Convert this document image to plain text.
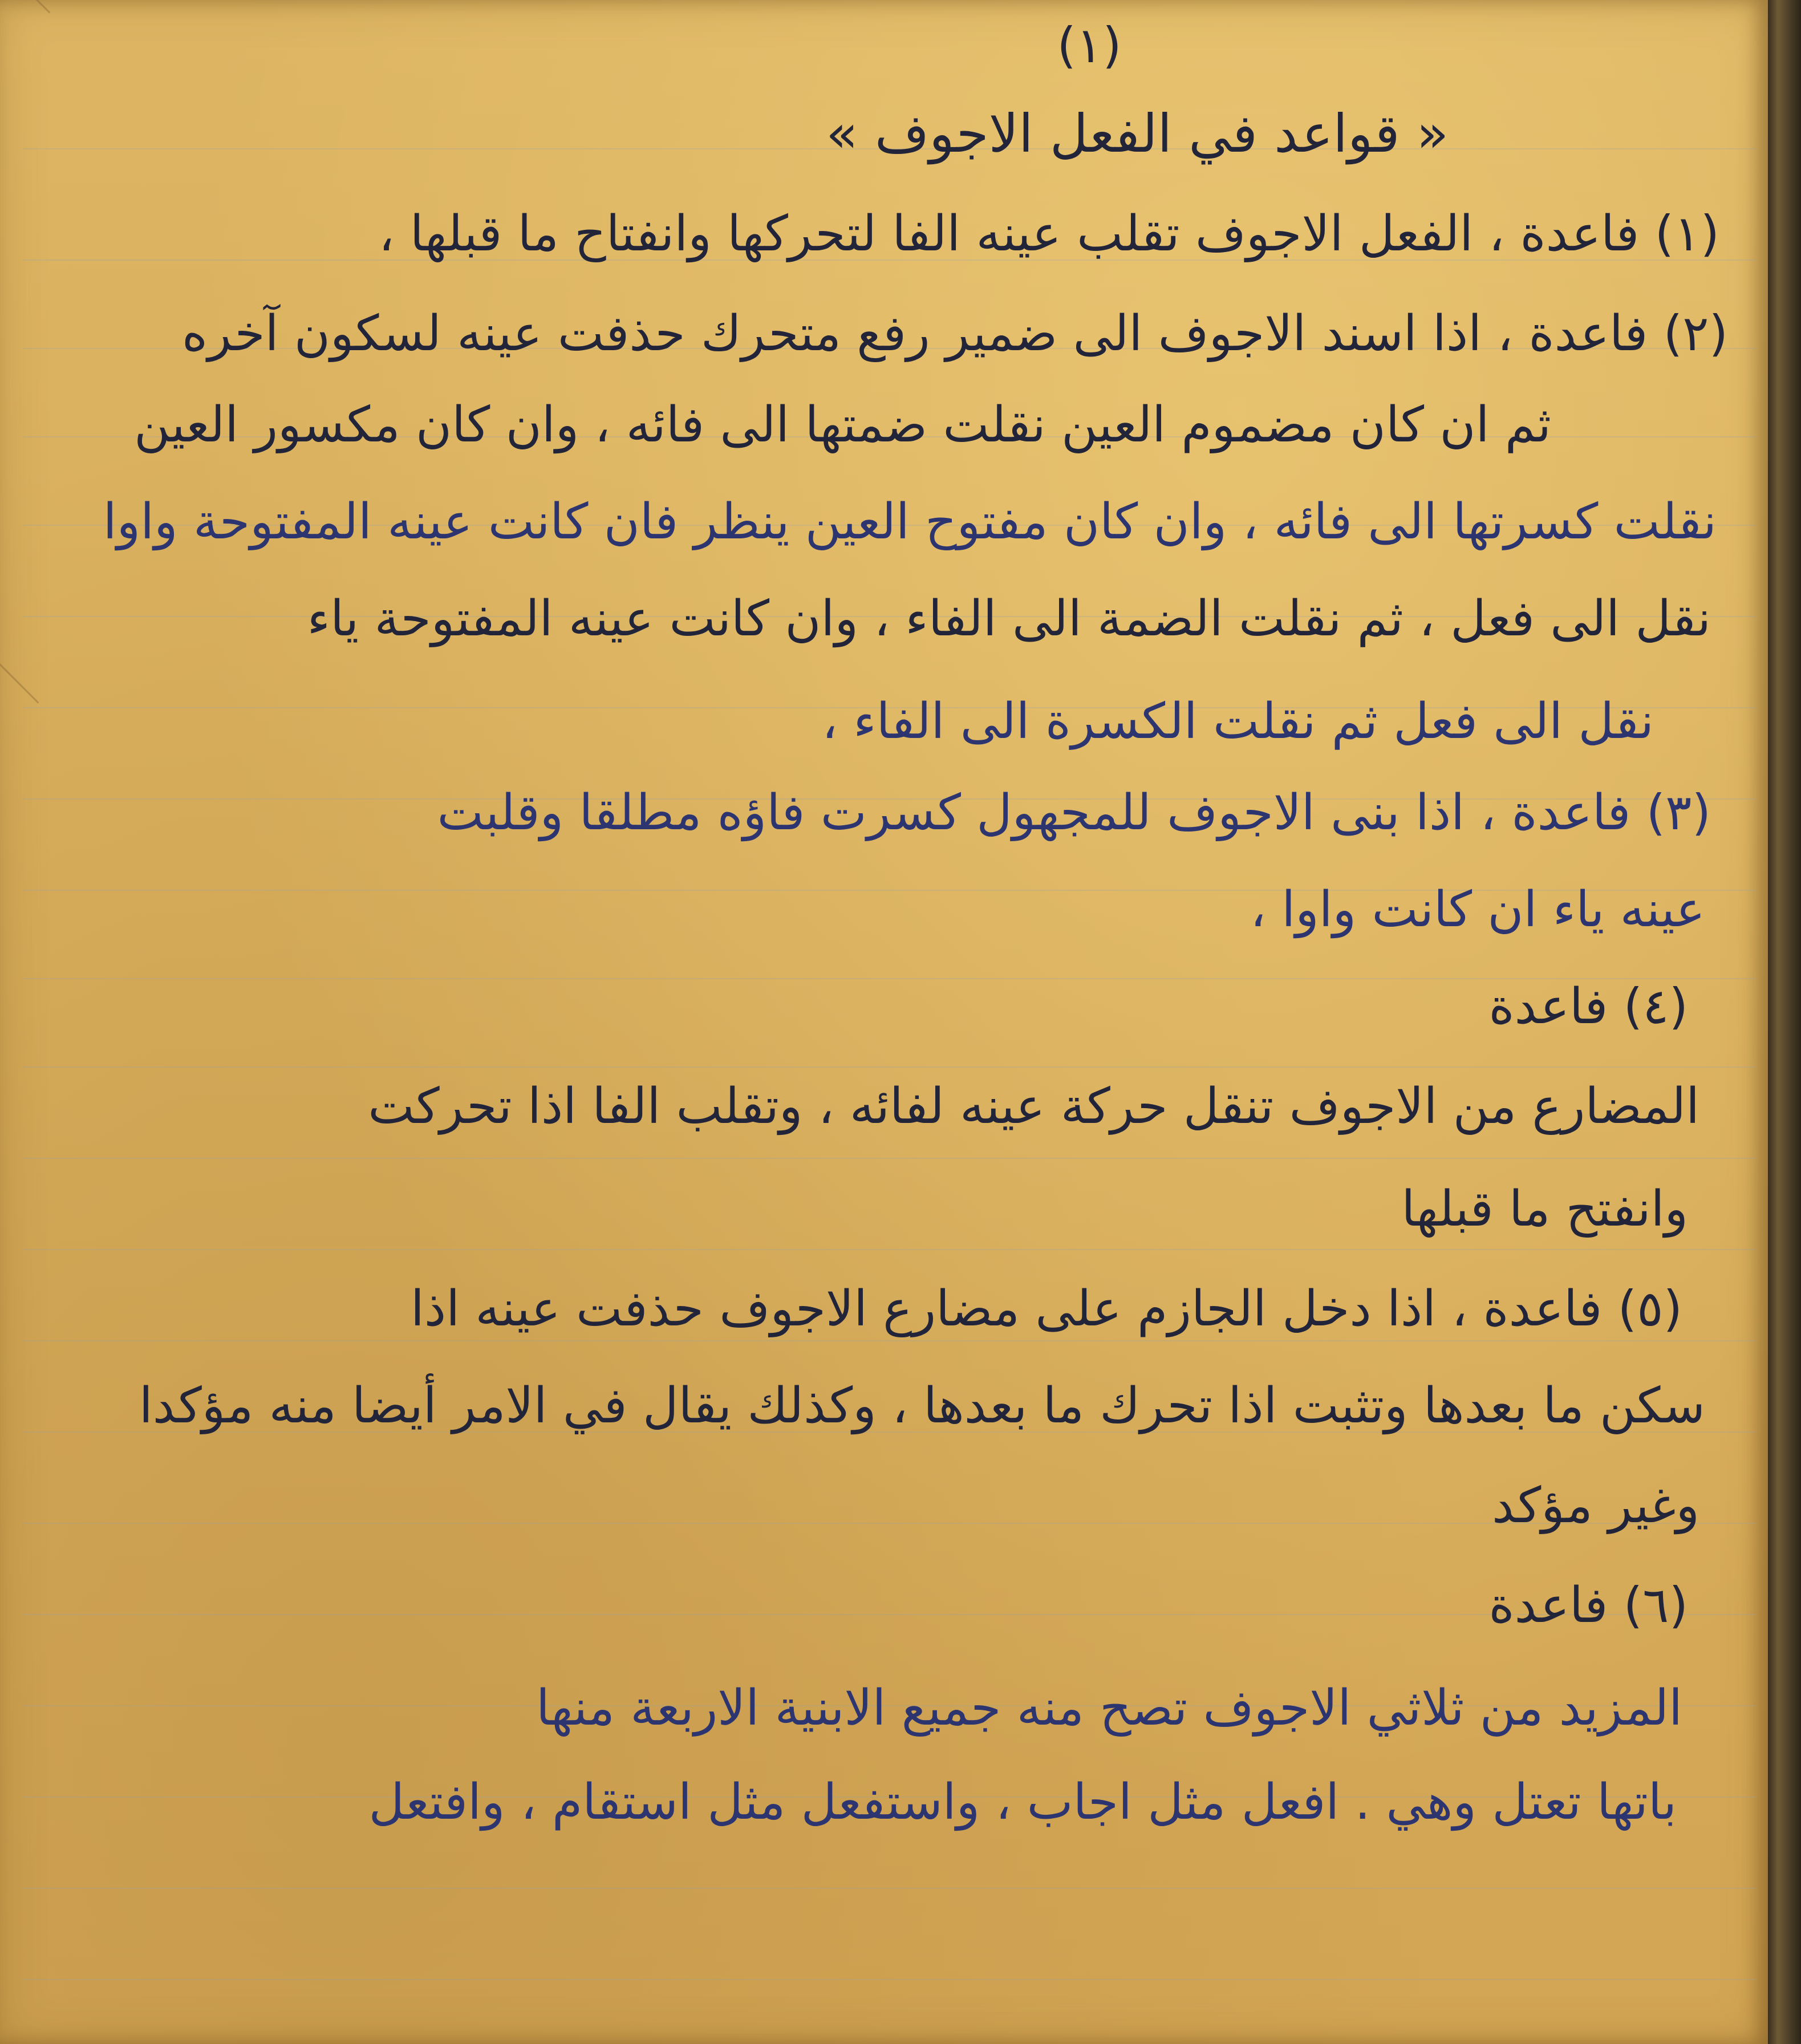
(١)
« قواعد في الفعل الاجوف »
(١) فاعدة ، الفعل الاجوف تقلب عينه الفا لتحركها وانفتاح ما قبلها ،
(٢) فاعدة ، اذا اسند الاجوف الى ضمير رفع متحرك حذفت عينه لسكون آخره
ثم ان كان مضموم العين نقلت ضمتها الى فائه ، وان كان مكسور العين
نقلت كسرتها الى فائه ، وان كان مفتوح العين ينظر فان كانت عينه المفتوحة واوا
نقل الى فعل ، ثم نقلت الضمة الى الفاء ، وان كانت عينه المفتوحة ياء
نقل الى فعل ثم نقلت الكسرة الى الفاء ،
(٣) فاعدة ، اذا بنى الاجوف للمجهول كسرت فاؤه مطلقا وقلبت
عينه ياء ان كانت واوا ،
(٤) فاعدة
المضارع من الاجوف تنقل حركة عينه لفائه ، وتقلب الفا اذا تحركت
وانفتح ما قبلها
(٥) فاعدة ، اذا دخل الجازم على مضارع الاجوف حذفت عينه اذا
سكن ما بعدها وتثبت اذا تحرك ما بعدها ، وكذلك يقال في الامر أيضا منه مؤكدا
وغير مؤكد
(٦) فاعدة
المزيد من ثلاثي الاجوف تصح منه جميع الابنية الاربعة منها
باتها تعتل وهي . افعل مثل اجاب ، واستفعل مثل استقام ، وافتعل
